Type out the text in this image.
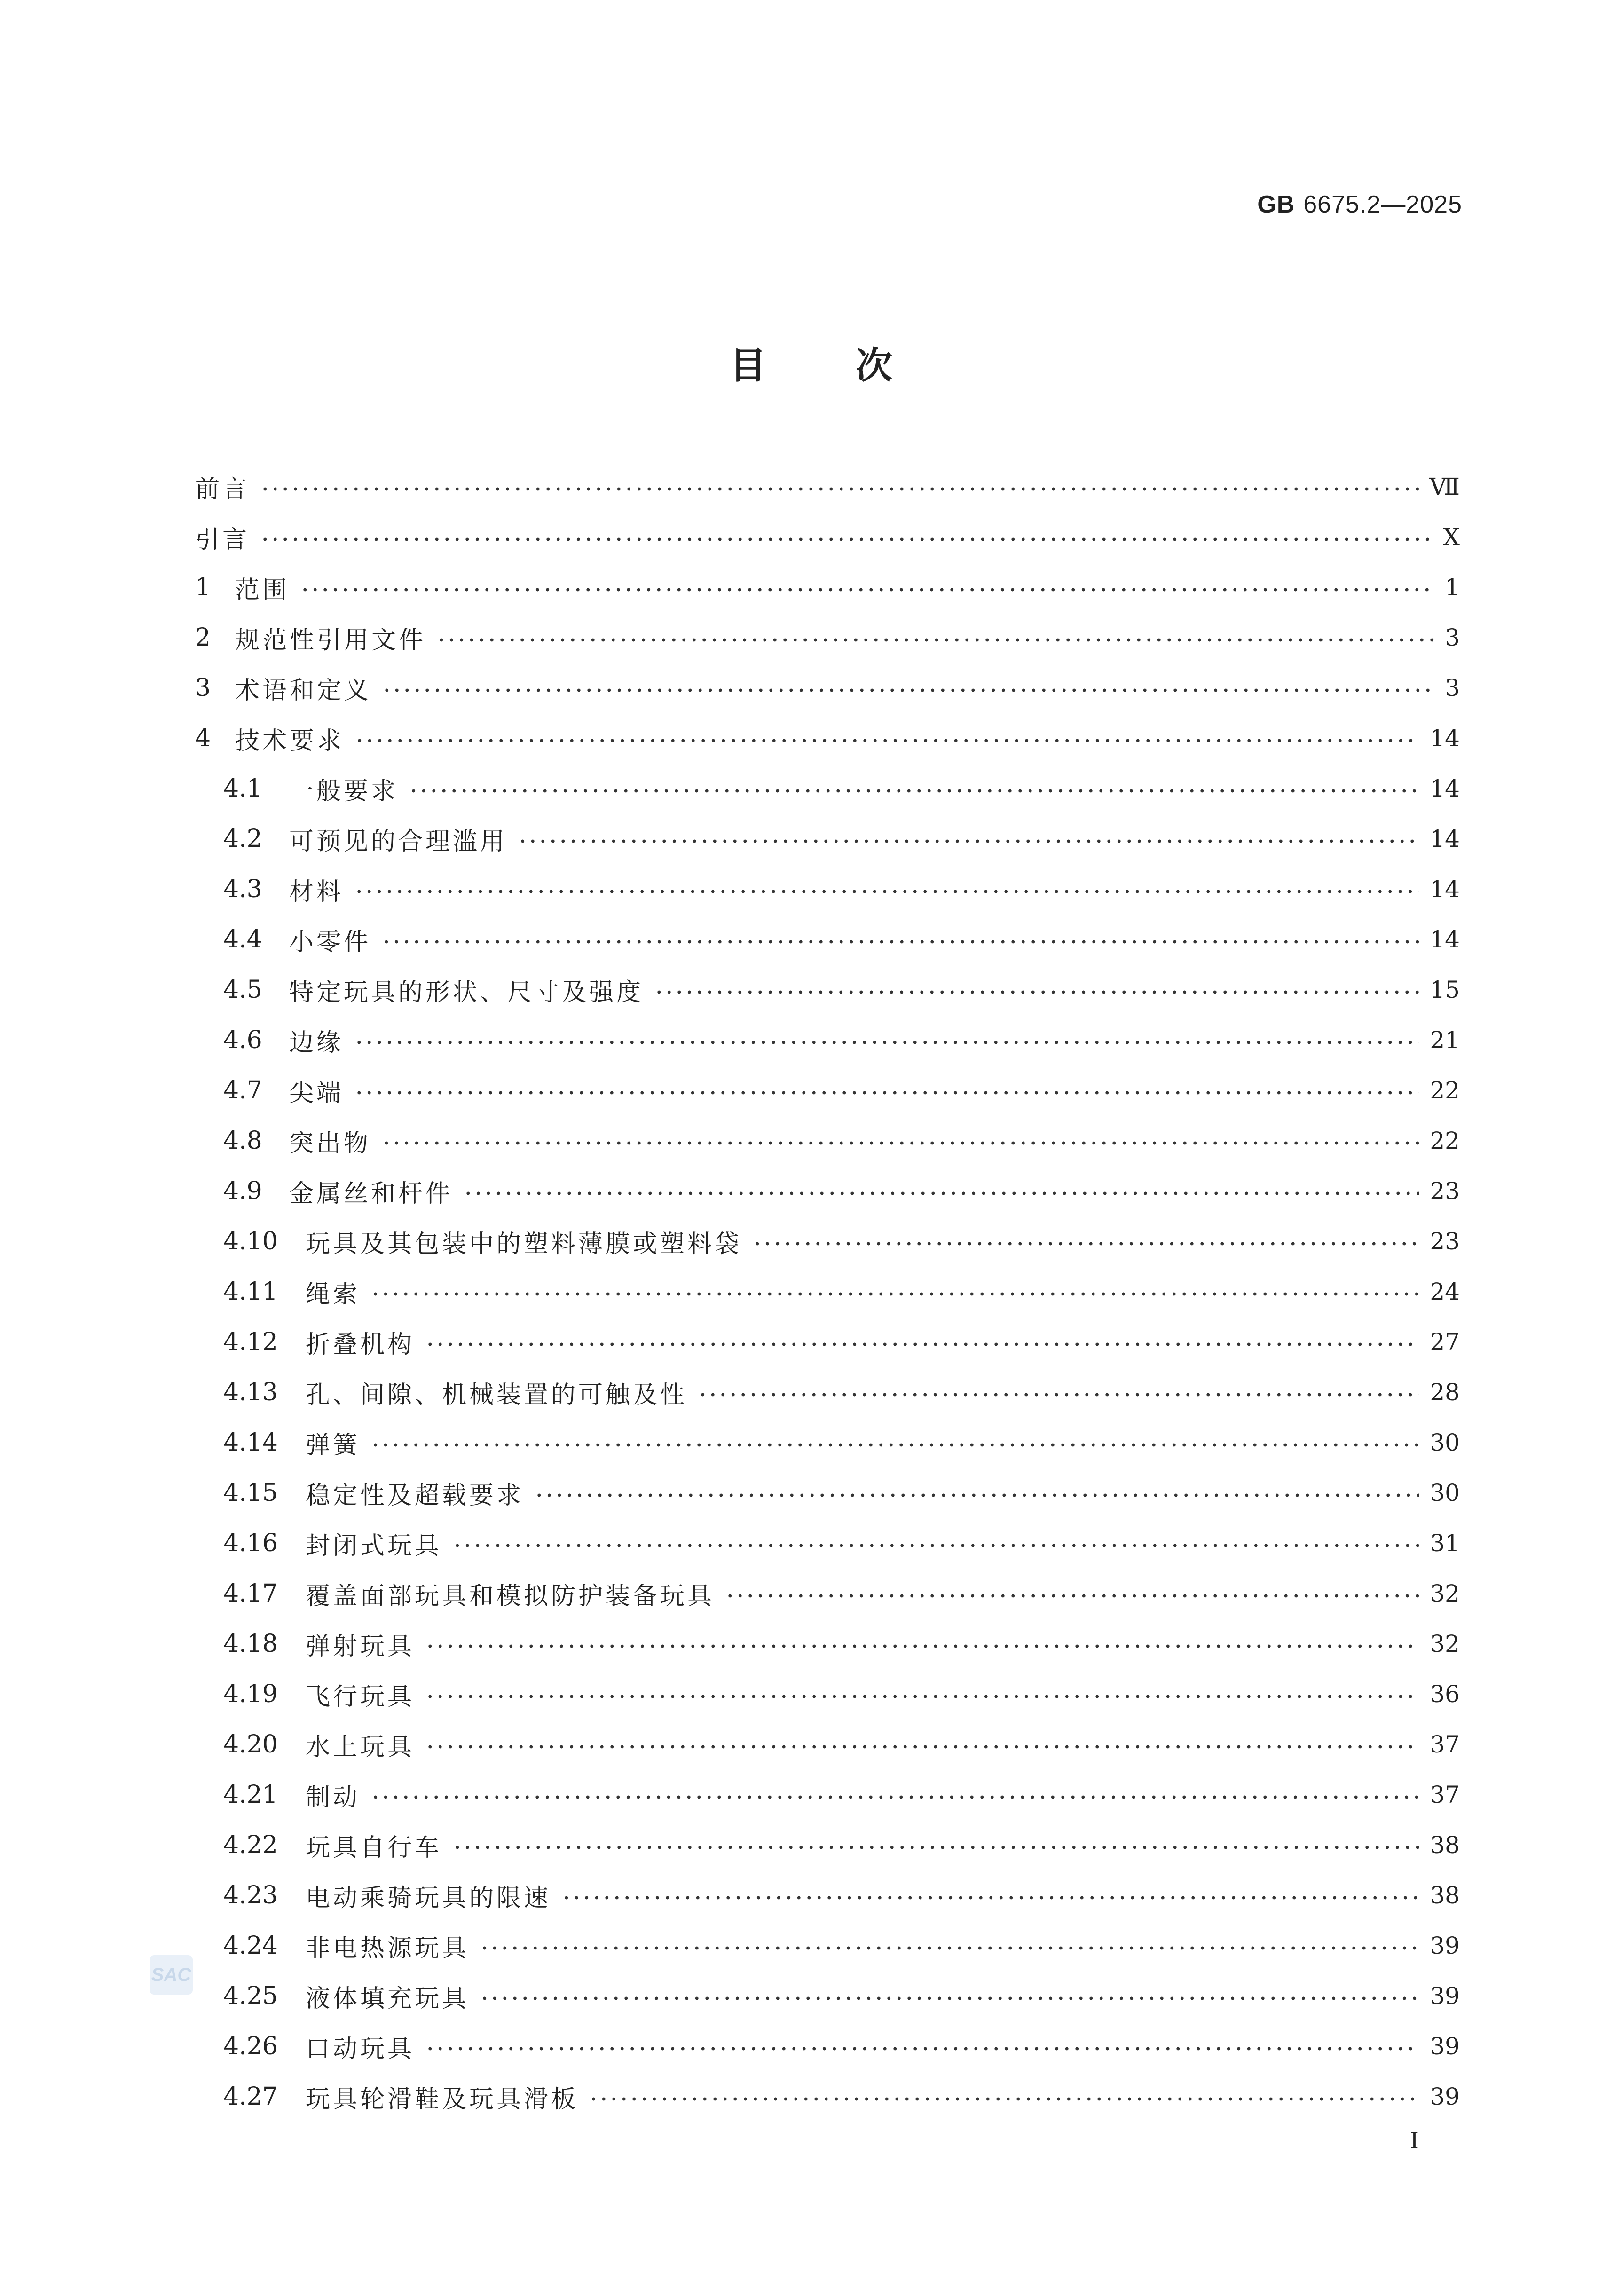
GB 6675.2—2025
目次
前言	Ⅶ
引言	Ⅹ
1 范围	1
2 规范性引用文件	3
3 术语和定义	3
4 技术要求	14
4.1	一般要求	14
4.2	可预见的合理滥用	14
4.3	材料	14
4.4	小零件	14
4.5	特定玩具的形状、尺寸及强度	15
4.6	边缘	21
4.7	尖端	22
4.8	突出物	22
4.9	金属丝和杆件	23
4.10	玩具及其包装中的塑料薄膜或塑料袋	23
4.11	绳索	24
4.12	折叠机构	27
4.13	孔、间隙、机械装置的可触及性	28
4.14	弹簧	30
4.15	稳定性及超载要求	30
4.16	封闭式玩具	31
4.17	覆盖面部玩具和模拟防护装备玩具	32
4.18	弹射玩具	32
4.19	飞行玩具	36
4.20	水上玩具	37
4.21	制动	37
4.22	玩具自行车	38
4.23	电动乘骑玩具的限速	38
4.24	非电热源玩具	39
4.25	液体填充玩具	39
4.26	口动玩具	39
4.27	玩具轮滑鞋及玩具滑板	39
SAC
I
